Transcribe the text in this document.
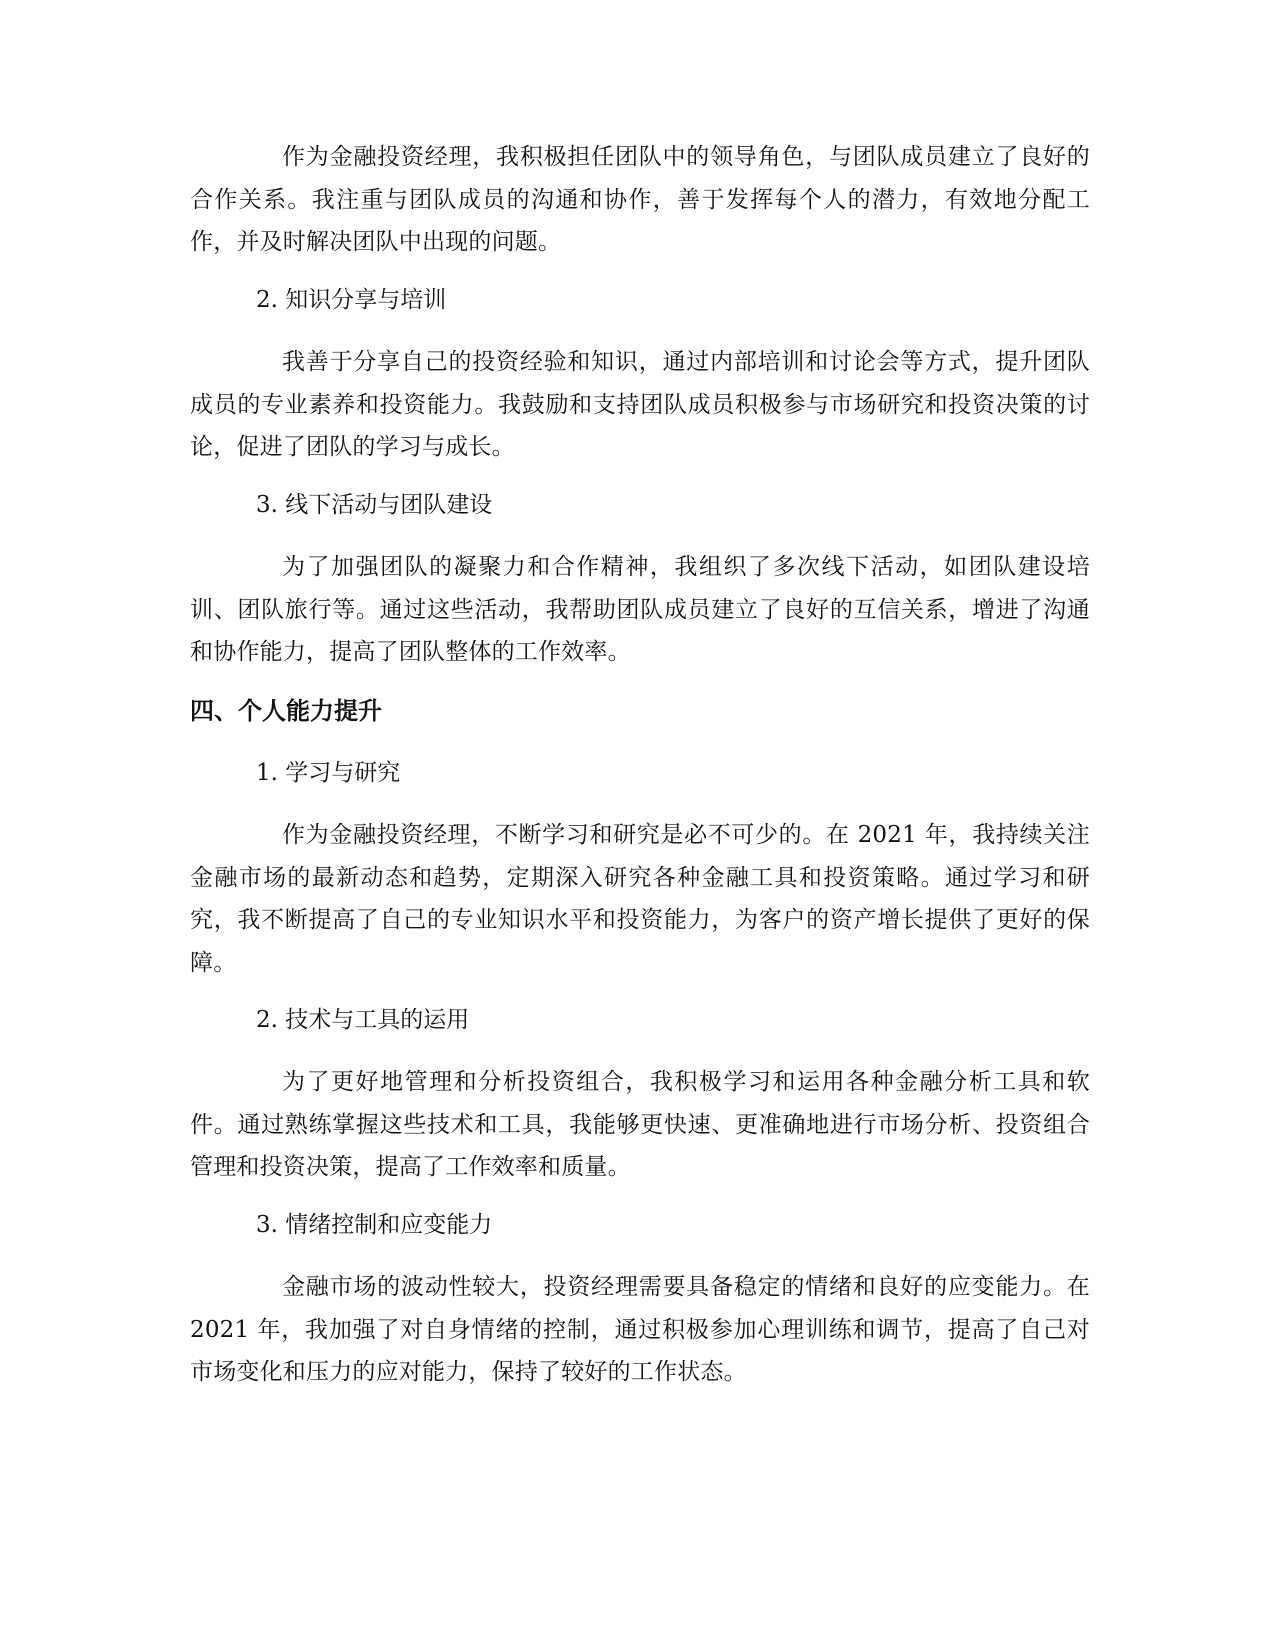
作为金融投资经理，我积极担任团队中的领导角色，与团队成员建立了良好的合作关系。我注重与团队成员的沟通和协作，善于发挥每个人的潜力，有效地分配工作，并及时解决团队中出现的问题。

2. 知识分享与培训

我善于分享自己的投资经验和知识，通过内部培训和讨论会等方式，提升团队成员的专业素养和投资能力。我鼓励和支持团队成员积极参与市场研究和投资决策的讨论，促进了团队的学习与成长。

3. 线下活动与团队建设

为了加强团队的凝聚力和合作精神，我组织了多次线下活动，如团队建设培训、团队旅行等。通过这些活动，我帮助团队成员建立了良好的互信关系，增进了沟通和协作能力，提高了团队整体的工作效率。

四、个人能力提升

1. 学习与研究

作为金融投资经理，不断学习和研究是必不可少的。在 2021 年，我持续关注金融市场的最新动态和趋势，定期深入研究各种金融工具和投资策略。通过学习和研究，我不断提高了自己的专业知识水平和投资能力，为客户的资产增长提供了更好的保障。

2. 技术与工具的运用

为了更好地管理和分析投资组合，我积极学习和运用各种金融分析工具和软件。通过熟练掌握这些技术和工具，我能够更快速、更准确地进行市场分析、投资组合管理和投资决策，提高了工作效率和质量。

3. 情绪控制和应变能力

金融市场的波动性较大，投资经理需要具备稳定的情绪和良好的应变能力。在 2021 年，我加强了对自身情绪的控制，通过积极参加心理训练和调节，提高了自己对市场变化和压力的应对能力，保持了较好的工作状态。
